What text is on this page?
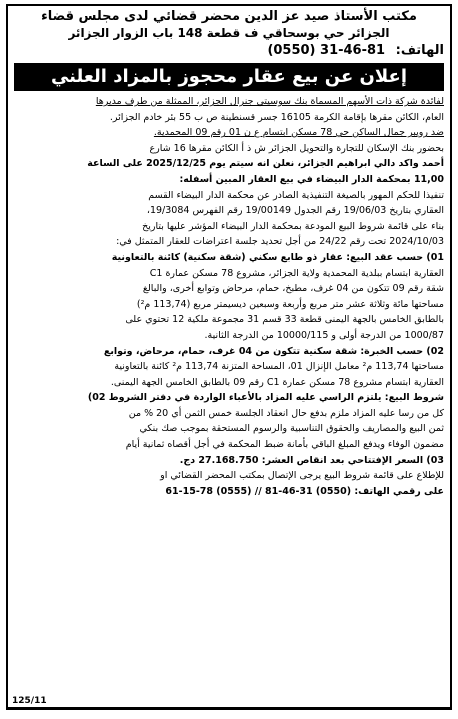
مكتب الأستاذ صيد عز الدين محضر قضائي لدى مجلس قضاء

الجزائر حي بوسحاقي ف قطعة 148 باب الزوار الجزائر

الهاتف: (0550) 31-46-81

إعلان عن بيع عقار محجوز بالمزاد العلني

لفائدة شركة ذات الأسهم المسماة بنك سوسيتي جنرال الجزائر، الممثلة من طرف مديرها

العام، الكائن مقرها بإقامة الكرمة 16105 جسر قسنطينة ص ب 55 بئر خادم الجزائر.

ضد رويبر جمال الساكن حي 78 مسكن ابتسام ع ن 01 رقم 09 المحمدية.

بحضور بنك الإسكان للتجارة والتحويل الجزائر ش ذ أ الكائن مقرها 16 شارع

أحمد واكد دالي ابراهيم الجزائر، نعلن انه سيتم يوم 2025/12/25 على الساعة

11,00 بمحكمة الدار البيضاء في بيع العقار المبين أسفله:

تنفيذا للحكم المهور بالصيغة التنفيذية الصادر عن محكمة الدار البيضاء القسم

العقاري بتاريخ 19/06/03 رقم الجدول 19/00149 رقم الفهرس 19/3084،

بناء على قائمة شروط البيع المودعة بمحكمة الدار البيضاء المؤشر عليها بتاريخ

2024/10/03 تحت رقم 24/22 من أجل تحديد جلسة اعتراضات للعقار المتمثل في:

01) حسب عقد البيع: عقار ذو طابع سكني (شقة سكنية) كائنة بالتعاونية

العقارية ابتسام ببلدية المحمدية ولاية الجزائر، مشروع 78 مسكن عمارة C1

شقة رقم 09 تتكون من 04 غرف، مطبخ، حمام، مرحاض وتوابع أخرى، والبالغ

مساحتها مائة وثلاثة عشر متر مربع وأربعة وسبعين ديسيمتر مربع (113,74 م²)

بالطابق الخامس بالجهة اليمنى قطعة 33 قسم 31 مجموعة ملكية 12 تحتوي على

1000/87 من الدرجة أولى و 10000/115 من الدرجة الثانية.

02) حسب الخبرة: شقة سكنية تتكون من 04 غرف، حمام، مرحاض، وتوابع

مساحتها 113,74 م² معامل الإنزال 01، المساحة المتزنة 113,74 م² كائنة بالتعاونية

العقارية ابتسام مشروع 78 مسكن عمارة C1 رقم 09 بالطابق الخامس الجهة اليمنى.

شروط البيع: يلتزم الراسي عليه المزاد بالأعباء الواردة في دفتر الشروط 02)

كل من رسا عليه المزاد ملزم بدفع حال انعقاد الجلسة خمس الثمن أي 20 % من

ثمن البيع والمصاريف والحقوق التناسبية والرسوم المستحقة بموجب صك بنكي

مضمون الوفاء ويدفع المبلغ الباقي بأمانة ضبط المحكمة في أجل أقصاه ثمانية أيام

03) السعر الإفتتاحي بعد انقاص العشر: 27.168.750 دج.

للإطلاع على قائمة شروط البيع يرجى الإتصال بمكتب المحضر القضائي او

على رقمي الهاتف: (0550) 31-46-81 // (0555) 78-15-61

125/11
